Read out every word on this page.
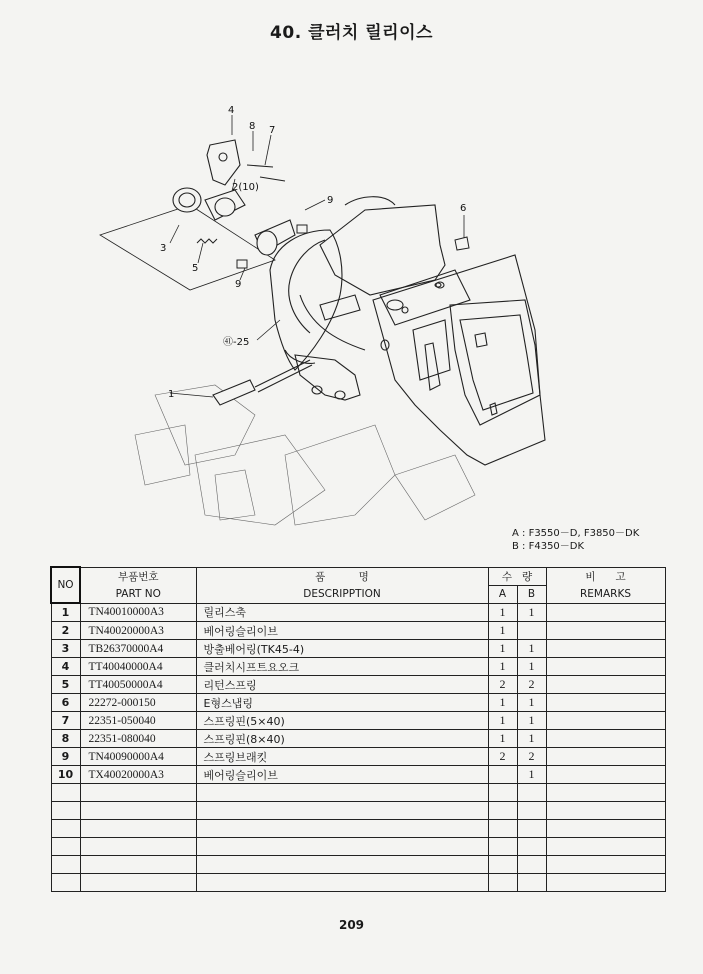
40. 클러치 릴리이스
4
8 7
2(10)
9
6
3
5
9
㊶-25
1
A : F3550－D, F3850－DK
B : F4350－DK
NO	부품번호	품          명	수   량		비      고
	PART NO	DESCRIPPTION	A	B	REMARKS
1	TN40010000A3	릴리스축	1	1	
2	TN40020000A3	베어링슬리이브	1		
3	TB26370000A4	방출베어링(TK45-4)	1	1	
4	TT40040000A4	클러치시프트요오크	1	1	
5	TT40050000A4	리턴스프링	2	2	
6	22272-000150	E형스냅링	1	1	
7	22351-050040	스프링핀(5×40)	1	1	
8	22351-080040	스프링핀(8×40)	1	1	
9	TN40090000A4	스프링브래킷	2	2	
10	TX40020000A3	베어링슬리이브		1	

209
